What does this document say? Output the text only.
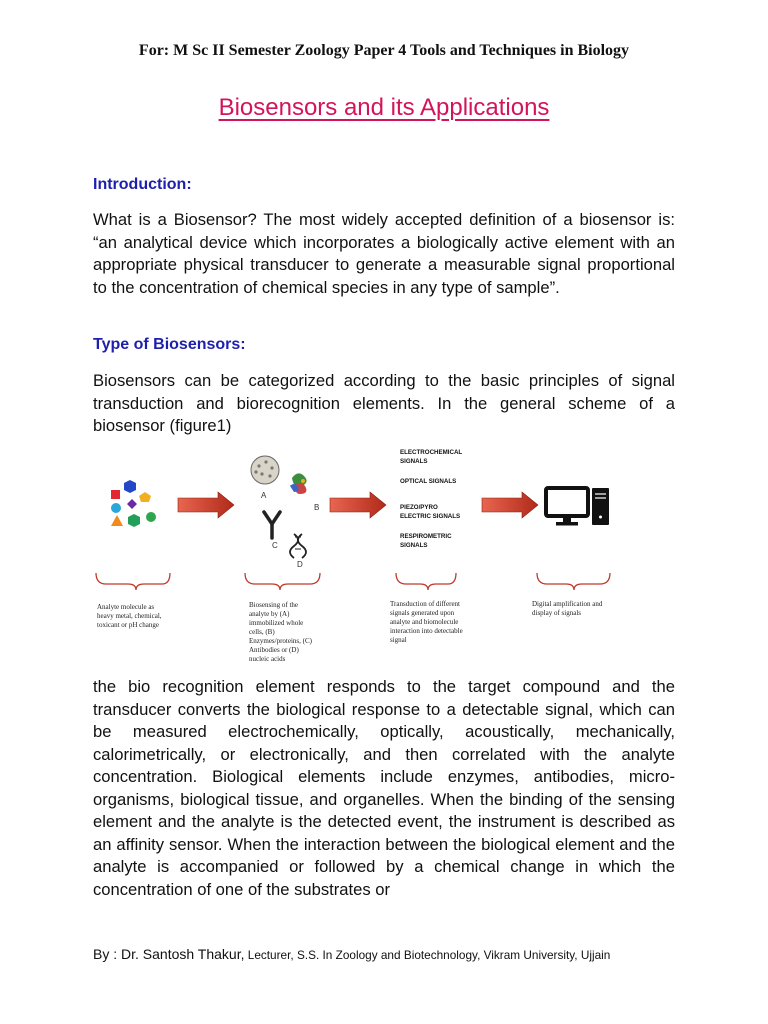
For: M Sc II Semester Zoology Paper 4 Tools and Techniques in Biology
Biosensors and its Applications
Introduction:
What is a Biosensor? The most widely accepted definition of a biosensor is: “an analytical device which incorporates a biologically active element with an appropriate physical transducer to generate a measurable signal proportional to the concentration of chemical species in any type of sample”.
Type of Biosensors:
Biosensors can be categorized according to the basic principles of signal transduction and biorecognition elements. In the general scheme of a biosensor (figure1)
A
B
C
D
ELECTROCHEMICAL
SIGNALS
OPTICAL SIGNALS
PIEZO/PYRO
ELECTRIC SIGNALS
RESPIROMETRIC
SIGNALS
Analyte molecule as
heavy metal, chemical,
toxicant or pH change
Biosensing of the
analyte by (A)
immobilized whole
cells, (B)
Enzymes/proteins, (C)
Antibodies or (D)
nucleic acids
Transduction of different
signals generated upon
analyte and biomolecule
interaction into detectable
signal
Digital amplification and
display of signals
the bio recognition element responds to the target compound and the transducer converts the biological response to a detectable signal, which can be measured electrochemically, optically, acoustically, mechanically, calorimetrically, or electronically, and then correlated with the analyte concentration. Biological elements include enzymes, antibodies, micro-organisms, biological tissue, and organelles. When the binding of the sensing element and the analyte is the detected event, the instrument is described as an affinity sensor. When the interaction between the biological element and the analyte is accompanied or followed by a chemical change in which the concentration of one of the substrates or
By : Dr. Santosh Thakur, Lecturer, S.S. In Zoology and Biotechnology, Vikram University, Ujjain
